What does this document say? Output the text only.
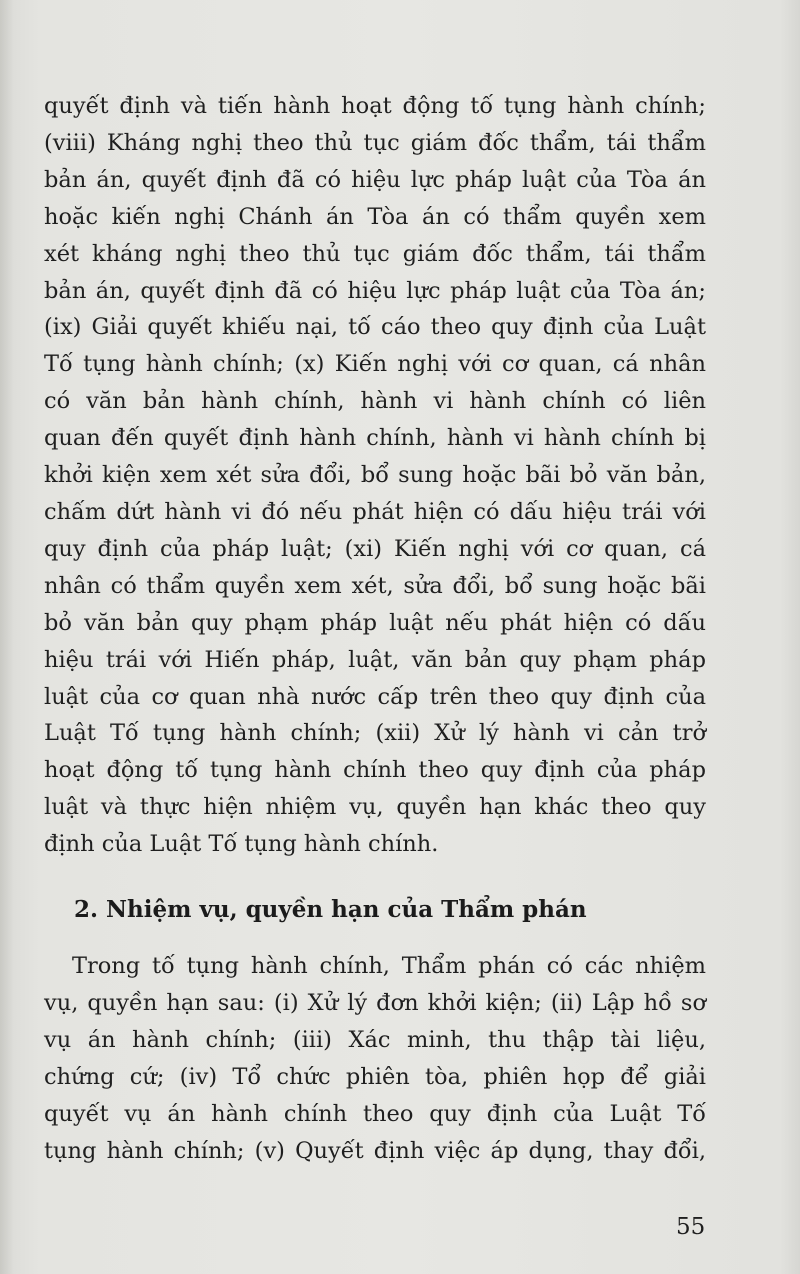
quyết định và tiến hành hoạt động tố tụng hành chính;
(viii) Kháng nghị theo thủ tục giám đốc thẩm, tái thẩm
bản án, quyết định đã có hiệu lực pháp luật của Tòa án
hoặc kiến nghị Chánh án Tòa án có thẩm quyền xem
xét kháng nghị theo thủ tục giám đốc thẩm, tái thẩm
bản án, quyết định đã có hiệu lực pháp luật của Tòa án;
(ix) Giải quyết khiếu nại, tố cáo theo quy định của Luật
Tố tụng hành chính; (x) Kiến nghị với cơ quan, cá nhân
có văn bản hành chính, hành vi hành chính có liên
quan đến quyết định hành chính, hành vi hành chính bị
khởi kiện xem xét sửa đổi, bổ sung hoặc bãi bỏ văn bản,
chấm dứt hành vi đó nếu phát hiện có dấu hiệu trái với
quy định của pháp luật; (xi) Kiến nghị với cơ quan, cá
nhân có thẩm quyền xem xét, sửa đổi, bổ sung hoặc bãi
bỏ văn bản quy phạm pháp luật nếu phát hiện có dấu
hiệu trái với Hiến pháp, luật, văn bản quy phạm pháp
luật của cơ quan nhà nước cấp trên theo quy định của
Luật Tố tụng hành chính; (xii) Xử lý hành vi cản trở
hoạt động tố tụng hành chính theo quy định của pháp
luật và thực hiện nhiệm vụ, quyền hạn khác theo quy
định của Luật Tố tụng hành chính.
2. Nhiệm vụ, quyền hạn của Thẩm phán
Trong tố tụng hành chính, Thẩm phán có các nhiệm
vụ, quyền hạn sau: (i) Xử lý đơn khởi kiện; (ii) Lập hồ sơ
vụ án hành chính; (iii) Xác minh, thu thập tài liệu,
chứng cứ; (iv) Tổ chức phiên tòa, phiên họp để giải
quyết vụ án hành chính theo quy định của Luật Tố
tụng hành chính; (v) Quyết định việc áp dụng, thay đổi,
55
